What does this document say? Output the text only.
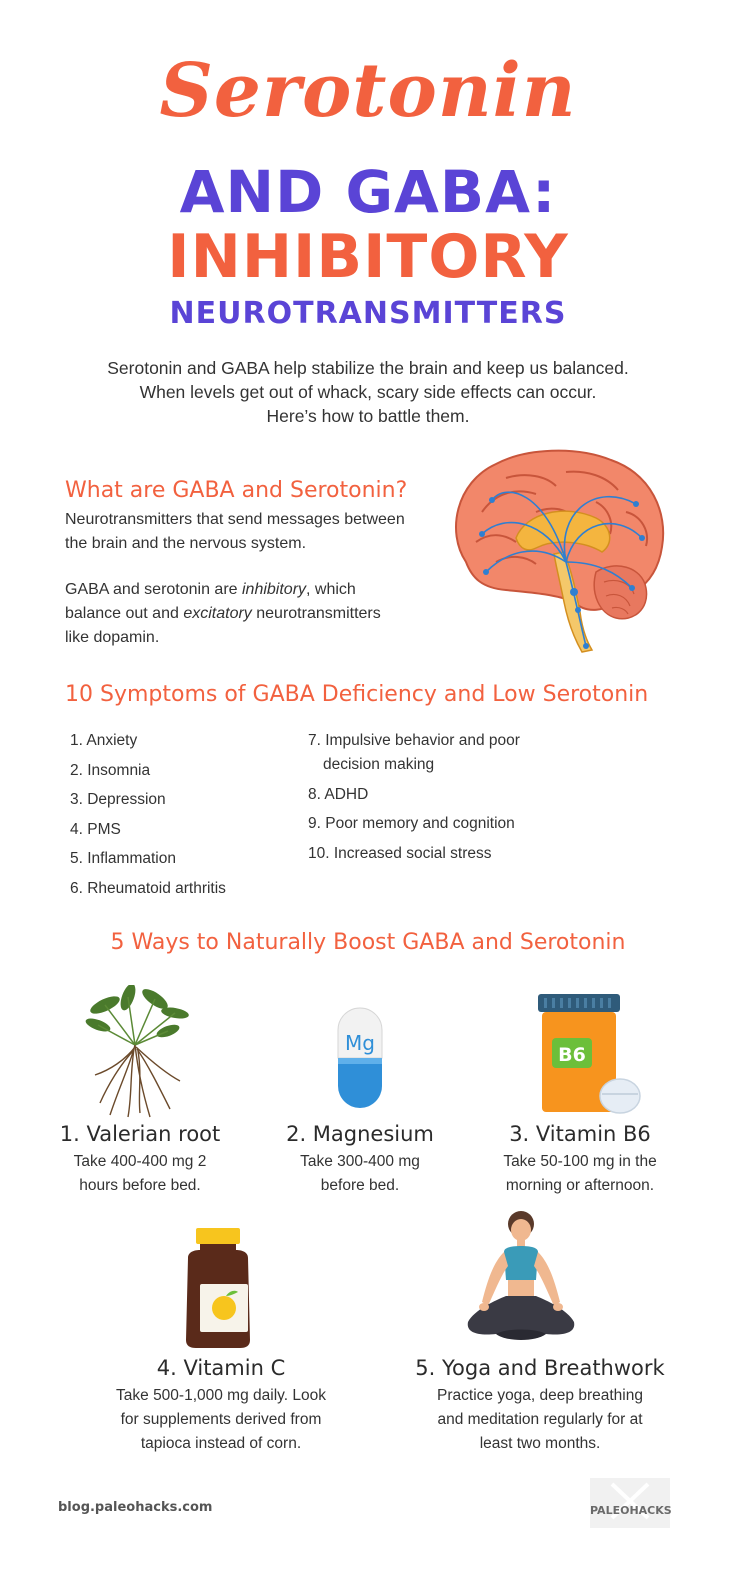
Serotonin
AND GABA:
INHIBITORY
NEUROTRANSMITTERS
Serotonin and GABA help stabilize the brain and keep us balanced.
When levels get out of whack, scary side effects can occur.
Here’s how to battle them.
What are GABA and Serotonin?
Neurotransmitters that send messages between
the brain and the nervous system.
GABA and serotonin are inhibitory, which
balance out and excitatory neurotransmitters
like dopamin.
10 Symptoms of GABA Deficiency and Low Serotonin
1. Anxiety
2. Insomnia
3. Depression
4. PMS
5. Inflammation
6. Rheumatoid arthritis
7. Impulsive behavior and poor
decision making
8. ADHD
9. Poor memory and cognition
10. Increased social stress
5 Ways to Naturally Boost GABA and Serotonin
1. Valerian root
Take 400-400 mg 2
hours before bed.
Mg
2. Magnesium
Take 300-400 mg
before bed.
B6
3. Vitamin B6
Take 50-100 mg in the
morning or afternoon.
4. Vitamin C
Take 500-1,000 mg daily. Look
for supplements derived from
tapioca instead of corn.
5. Yoga and Breathwork
Practice yoga, deep breathing
and meditation regularly for at
least two months.
blog.paleohacks.com	PALEOHACKS
